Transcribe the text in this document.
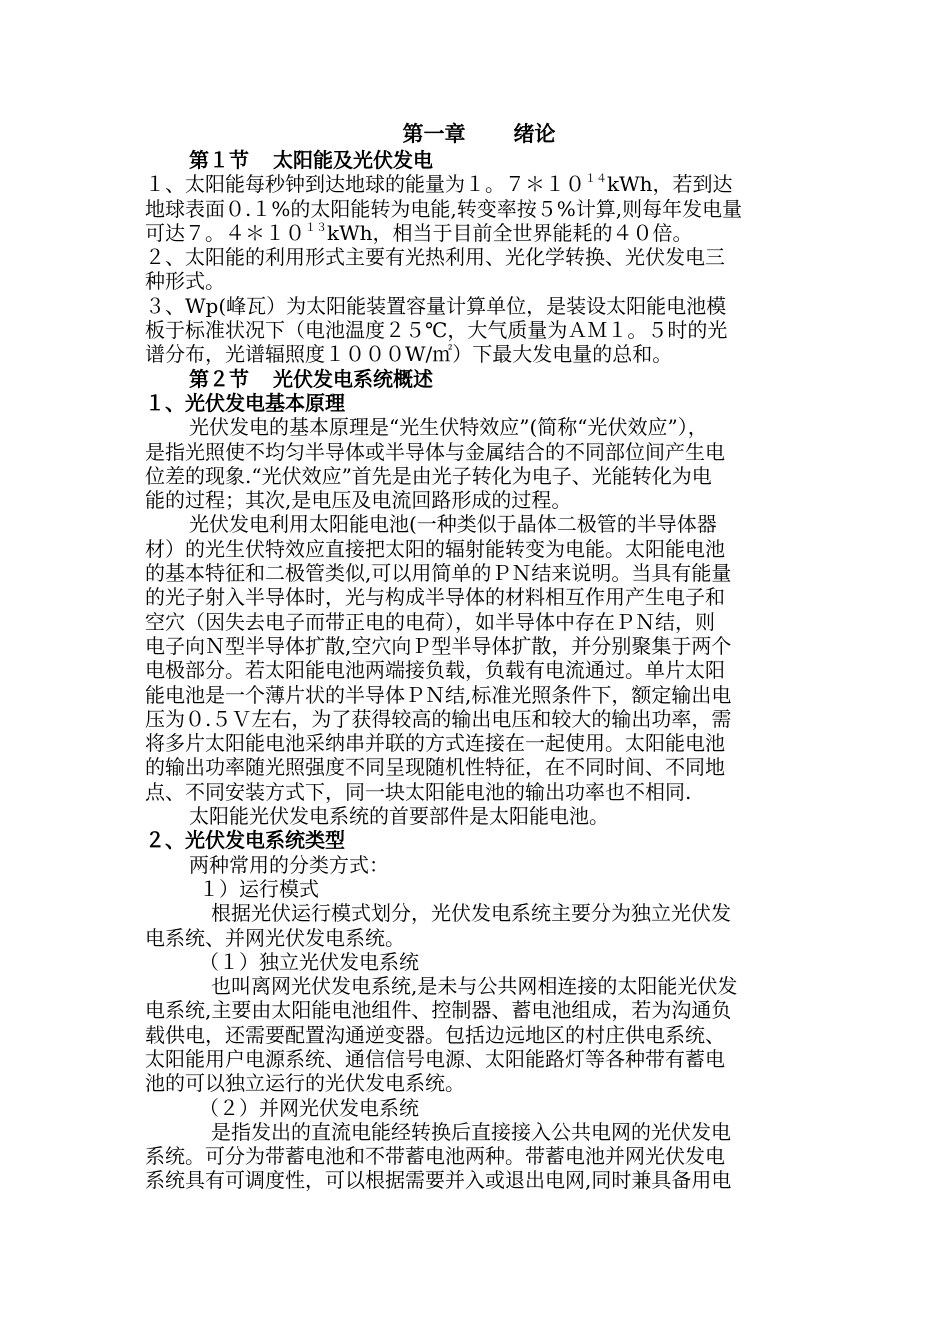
第一章 绪论
第１节 太阳能及光伏发电
１、太阳能每秒钟到达地球的能量为１。$7*10^{14}kWh$，若到达
地球表面０.１%的太阳能转为电能,转变率按５%计算,则每年发电量
可达７。$4*10^{13}kWh$，相当于目前全世界能耗的４０倍。
２、太阳能的利用形式主要有光热利用、光化学转换、光伏发电三
种形式。
３、Wp(峰瓦）为太阳能装置容量计算单位，是装设太阳能电池模
板于标准状况下（电池温度２５℃，大气质量为ＡＭ１。５时的光
谱分布，光谱辐照度１０００W/㎡）下最大发电量的总和。
第２节 光伏发电系统概述
１、光伏发电基本原理
光伏发电的基本原理是“光生伏特效应”(简称“光伏效应”），
是指光照使不均匀半导体或半导体与金属结合的不同部位间产生电
位差的现象.“光伏效应”首先是由光子转化为电子、光能转化为电
能的过程；其次,是电压及电流回路形成的过程。
光伏发电利用太阳能电池(一种类似于晶体二极管的半导体器
材）的光生伏特效应直接把太阳的辐射能转变为电能。太阳能电池
的基本特征和二极管类似,可以用简单的ＰＮ结来说明。当具有能量
的光子射入半导体时，光与构成半导体的材料相互作用产生电子和
空穴（因失去电子而带正电的电荷），如半导体中存在ＰＮ结，则
电子向Ｎ型半导体扩散,空穴向Ｐ型半导体扩散，并分别聚集于两个
电极部分。若太阳能电池两端接负载，负载有电流通过。单片太阳
能电池是一个薄片状的半导体ＰＮ结,标准光照条件下，额定输出电
压为０.５Ｖ左右，为了获得较高的输出电压和较大的输出功率，需
将多片太阳能电池采纳串并联的方式连接在一起使用。太阳能电池
的输出功率随光照强度不同呈现随机性特征，在不同时间、不同地
点、不同安装方式下，同一块太阳能电池的输出功率也不相同.
太阳能光伏发电系统的首要部件是太阳能电池。
２、光伏发电系统类型
两种常用的分类方式：
１）运行模式
根据光伏运行模式划分，光伏发电系统主要分为独立光伏发
电系统、并网光伏发电系统。
（１）独立光伏发电系统
也叫离网光伏发电系统,是未与公共网相连接的太阳能光伏发
电系统,主要由太阳能电池组件、控制器、蓄电池组成，若为沟通负
载供电，还需要配置沟通逆变器。包括边远地区的村庄供电系统、
太阳能用户电源系统、通信信号电源、太阳能路灯等各种带有蓄电
池的可以独立运行的光伏发电系统。
（２）并网光伏发电系统
是指发出的直流电能经转换后直接接入公共电网的光伏发电
系统。可分为带蓄电池和不带蓄电池两种。带蓄电池并网光伏发电
系统具有可调度性，可以根据需要并入或退出电网,同时兼具备用电
